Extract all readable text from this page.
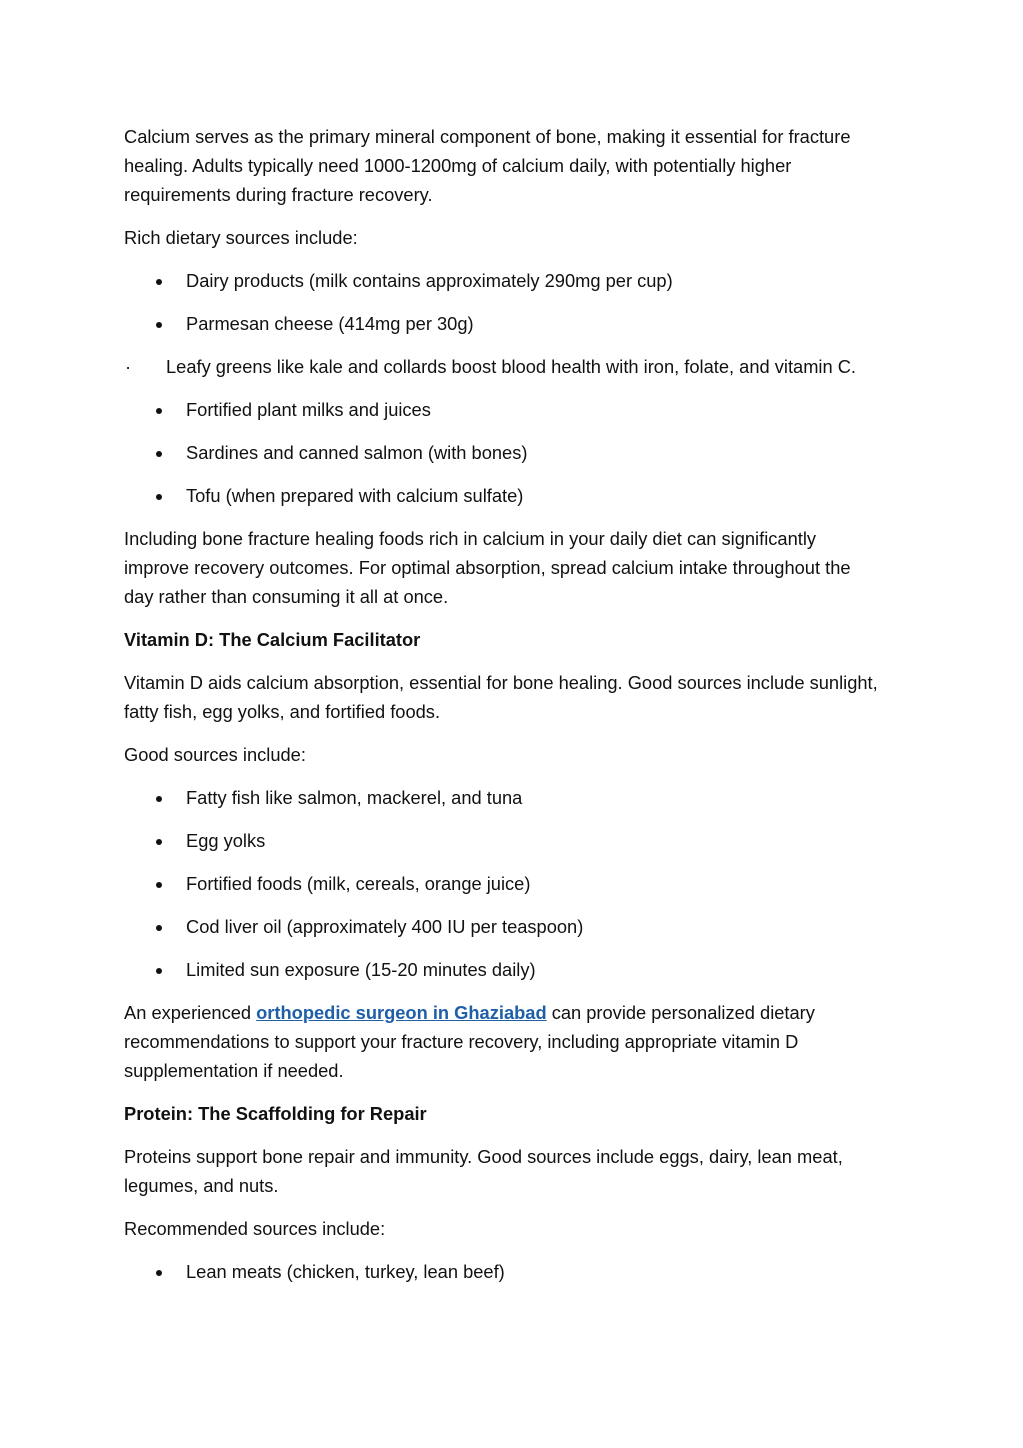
Calcium serves as the primary mineral component of bone, making it essential for fracture
healing. Adults typically need 1000-1200mg of calcium daily, with potentially higher
requirements during fracture recovery.
Rich dietary sources include:
Dairy products (milk contains approximately 290mg per cup)
Parmesan cheese (414mg per 30g)
· Leafy greens like kale and collards boost blood health with iron, folate, and vitamin C.
Fortified plant milks and juices
Sardines and canned salmon (with bones)
Tofu (when prepared with calcium sulfate)
Including bone fracture healing foods rich in calcium in your daily diet can significantly
improve recovery outcomes. For optimal absorption, spread calcium intake throughout the
day rather than consuming it all at once.
Vitamin D: The Calcium Facilitator
Vitamin D aids calcium absorption, essential for bone healing. Good sources include sunlight,
fatty fish, egg yolks, and fortified foods.
Good sources include:
Fatty fish like salmon, mackerel, and tuna
Egg yolks
Fortified foods (milk, cereals, orange juice)
Cod liver oil (approximately 400 IU per teaspoon)
Limited sun exposure (15-20 minutes daily)
An experienced orthopedic surgeon in Ghaziabad can provide personalized dietary
recommendations to support your fracture recovery, including appropriate vitamin D
supplementation if needed.
Protein: The Scaffolding for Repair
Proteins support bone repair and immunity. Good sources include eggs, dairy, lean meat,
legumes, and nuts.
Recommended sources include:
Lean meats (chicken, turkey, lean beef)
